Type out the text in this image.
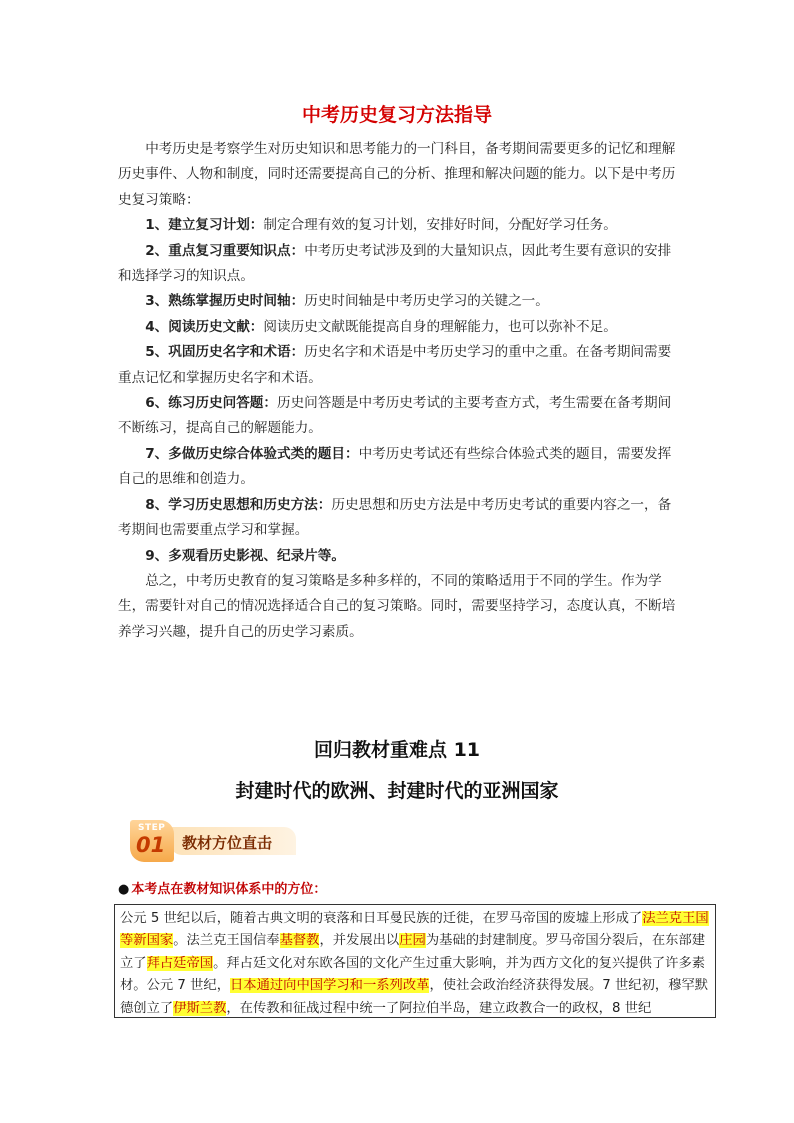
中考历史复习方法指导

中考历史是考察学生对历史知识和思考能力的一门科目，备考期间需要更多的记忆和理解历史事件、人物和制度，同时还需要提高自己的分析、推理和解决问题的能力。以下是中考历史复习策略：

1、建立复习计划：制定合理有效的复习计划，安排好时间，分配好学习任务。

2、重点复习重要知识点：中考历史考试涉及到的大量知识点，因此考生要有意识的安排和选择学习的知识点。

3、熟练掌握历史时间轴：历史时间轴是中考历史学习的关键之一。

4、阅读历史文献：阅读历史文献既能提高自身的理解能力，也可以弥补不足。

5、巩固历史名字和术语：历史名字和术语是中考历史学习的重中之重。在备考期间需要重点记忆和掌握历史名字和术语。

6、练习历史问答题：历史问答题是中考历史考试的主要考查方式，考生需要在备考期间不断练习，提高自己的解题能力。

7、多做历史综合体验式类的题目：中考历史考试还有些综合体验式类的题目，需要发挥自己的思维和创造力。

8、学习历史思想和历史方法：历史思想和历史方法是中考历史考试的重要内容之一，备考期间也需要重点学习和掌握。

9、多观看历史影视、纪录片等。

总之，中考历史教育的复习策略是多种多样的，不同的策略适用于不同的学生。作为学生，需要针对自己的情况选择适合自己的复习策略。同时，需要坚持学习，态度认真，不断培养学习兴趣，提升自己的历史学习素质。

回归教材重难点 11
封建时代的欧洲、封建时代的亚洲国家
STEP
01 教材方位直击
● 本考点在教材知识体系中的方位：
公元 5 世纪以后，随着古典文明的衰落和日耳曼民族的迁徙，在罗马帝国的废墟上形成了法兰克王国等新国家。法兰克王国信奉基督教，并发展出以庄园为基础的封建制度。罗马帝国分裂后，在东部建立了拜占廷帝国。拜占廷文化对东欧各国的文化产生过重大影响，并为西方文化的复兴提供了许多素材。公元 7 世纪，日本通过向中国学习和一系列改革，使社会政治经济获得发展。7 世纪初，穆罕默德创立了伊斯兰教，在传教和征战过程中统一了阿拉伯半岛，建立政教合一的政权，8 世纪
